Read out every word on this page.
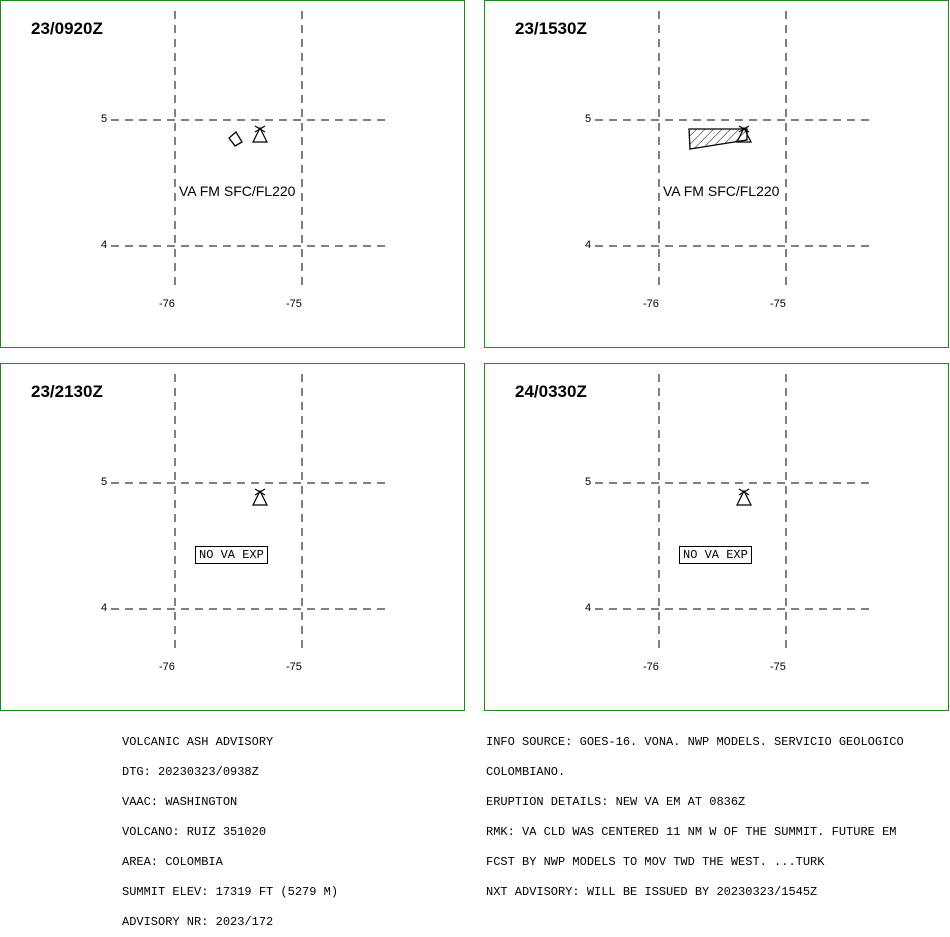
23/0920Z
5
4
-76	-75
VA FM SFC/FL220
23/1530Z
5
4
-76	-75
VA FM SFC/FL220
23/2130Z
5
4
-76	-75
NO VA EXP
24/0330Z
5
4
-76	-75
NO VA EXP

VOLCANIC ASH ADVISORY

DTG: 20230323/0938Z

VAAC: WASHINGTON

VOLCANO: RUIZ 351020

AREA: COLOMBIA

SUMMIT ELEV: 17319 FT (5279 M)

ADVISORY NR: 2023/172

INFO SOURCE: GOES-16. VONA. NWP MODELS. SERVICIO GEOLOGICO

COLOMBIANO.

ERUPTION DETAILS: NEW VA EM AT 0836Z

RMK: VA CLD WAS CENTERED 11 NM W OF THE SUMMIT. FUTURE EM

FCST BY NWP MODELS TO MOV TWD THE WEST. ...TURK

NXT ADVISORY: WILL BE ISSUED BY 20230323/1545Z
